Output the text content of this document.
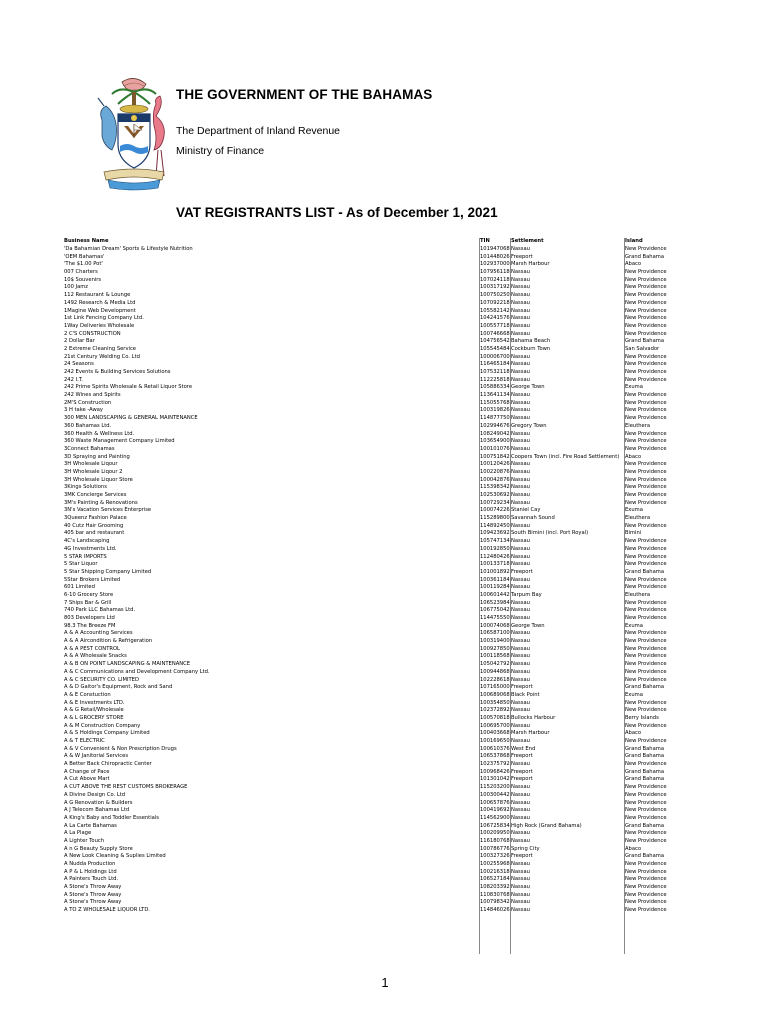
THE GOVERNMENT OF THE BAHAMAS
The Department of Inland Revenue
Ministry of Finance
VAT REGISTRANTS LIST - As of December 1, 2021
Business Name	TIN	Settlement	Island
'Da Bahamian Dream' Sports & Lifestyle Nutrition	101947068 Nassau	New Providence
'OEM Bahamas'	101448026 Freeport	Grand Bahama
'The $1.00 Pot'	102937000 Marsh Harbour	Abaco
007 Charters	107956118 Nassau	New Providence
10$ Souvenirs	107024118 Nassau	New Providence
100 Jamz	100317192 Nassau	New Providence
112 Restaurant & Lounge	100750250 Nassau	New Providence
1492 Research & Media Ltd	107092218 Nassau	New Providence
1Magine Web Development	105582142 Nassau	New Providence
1st Link Fencing Company Ltd.	104241576 Nassau	New Providence
1Way Deliveries Wholesale	100557718 Nassau	New Providence
2 C'S CONSTRUCTION	100746668 Nassau	New Providence
2 Dollar Bar	104756542 Bahama Beach	Grand Bahama
2 Extreme Cleaning Service	105545484 Cockburn Town	San Salvador
21st Century Welding Co. Ltd	100006700 Nassau	New Providence
24 Seasons	116465184 Nassau	New Providence
242 Events & Building Services Solutions	107532118 Nassau	New Providence
242 I.T.	112225818 Nassau	New Providence
242 Prime Spirits Wholesale & Retail Liquor Store	105886334 George Town	Exuma
242 Wines and Spirits	113641134 Nassau	New Providence
2M'S Construction	115055768 Nassau	New Providence
3 H take -Away	100319826 Nassau	New Providence
300 MEN LANDSCAPING & GENERAL MAINTENANCE	114877750 Nassau	New Providence
360 Bahamas Ltd.	102994676 Gregory Town	Eleuthera
360 Health & Wellness Ltd.	108249042 Nassau	New Providence
360 Waste Management Company Limited	103654900 Nassau	New Providence
3Connect Bahamas	100101076 Nassau	New Providence
3D Spraying and Painting	100751842 Coopers Town (incl. Fire Road Settlement)	Abaco
3H Wholesale Liqour	100120426 Nassau	New Providence
3H Wholesale Liqour 2	100220876 Nassau	New Providence
3H Wholesale Liquor Store	100042876 Nassau	New Providence
3Kings Solutions	115398342 Nassau	New Providence
3MK Concierge Services	102530692 Nassau	New Providence
3M's Painting & Renovations	100729234 Nassau	New Providence
3N's Vacation Services Enterprise	100074226 Staniel Cay	Exuma
3Queenz Fashion Palace	115289800 Savannah Sound	Eleuthera
40 Cutz Hair Grooming	114892450 Nassau	New Providence
405 bar and restaurant	109423692 South Bimini (incl. Port Royal)	Bimini
4C's Landscaping	105747134 Nassau	New Providence
4G Investments Ltd.	100192850 Nassau	New Providence
5 STAR IMPORTS	112480426 Nassau	New Providence
5 Star Liquor	100133718 Nassau	New Providence
5 Star Shipping Company Limited	101001892 Freeport	Grand Bahama
5Star Brokers Limited	100361184 Nassau	New Providence
601 Limited	100119284 Nassau	New Providence
6-10 Grocery Store	100601442 Tarpum Bay	Eleuthera
7 Ships Bar & Grill	106523984 Nassau	New Providence
740 Park LLC Bahamas Ltd.	106775042 Nassau	New Providence
803 Developers Ltd	114475550 Nassau	New Providence
98.3 The Breeze FM	100074068 George Town	Exuma
A & A Accounting Services	106587100 Nassau	New Providence
A & A Aircondition & Refrigeration	100319400 Nassau	New Providence
A & A PEST CONTROL	100927850 Nassau	New Providence
A & A Wholesale Snacks	100118568 Nassau	New Providence
A & B ON POINT LANDSCAPING & MAINTENANCE	105042792 Nassau	New Providence
A & C Communications and Development Company Ltd.	100944868 Nassau	New Providence
A & C SECURITY CO. LIMITED	102228618 Nassau	New Providence
A & D Gaitor's Equipment, Rock and Sand	107165000 Freeport	Grand Bahama
A & E Constuction	100689068 Black Point	Exuma
A & E Investments LTD.	100354850 Nassau	New Providence
A & G Retail/Wholesale	102372892 Nassau	New Providence
A & L GROCERY STORE	100570818 Bullocks Harbour	Berry Islands
A & M Construction Company	100695700 Nassau	New Providence
A & S Holdings Company Limited	100403668 Marsh Harbour	Abaco
A & T ELECTRIC	100169650 Nassau	New Providence
A & V Convenient & Non Prescription Drugs	100610376 West End	Grand Bahama
A & W Janitorial Services	106537868 Freeport	Grand Bahama
A Better Back Chiropractic Center	102375792 Nassau	New Providence
A Change of Pace	100968426 Freeport	Grand Bahama
A Cut Above Mart	101301042 Freeport	Grand Bahama
A CUT ABOVE THE REST CUSTOMS BROKERAGE	115203200 Nassau	New Providence
A Divine Design Co. Ltd	100300442 Nassau	New Providence
A G Renovation & Builders	100657876 Nassau	New Providence
A J Telecom Bahamas Ltd	100419692 Nassau	New Providence
A King's Baby and Toddler Essentials	114562900 Nassau	New Providence
A La Carte Bahamas	106725834 High Rock (Grand Bahama)	Grand Bahama
A La Plage	100209950 Nassau	New Providence
A Lighter Touch	116180768 Nassau	New Providence
A n G Beauty Supply Store	100786776 Spring City	Abaco
A New Look Cleaning & Suplies Limited	100327326 Freeport	Grand Bahama
A Nudda Production	100255968 Nassau	New Providence
A P & L Holdings Ltd	100216318 Nassau	New Providence
A Painters Touch Ltd.	106527184 Nassau	New Providence
A Stone's Throw Away	108203392 Nassau	New Providence
A Stone's Throw Away	110830768 Nassau	New Providence
A Stone's Throw Away	100798342 Nassau	New Providence
A TO Z WHOLESALE LIQUOR LTD.	114846026 Nassau	New Providence
1
